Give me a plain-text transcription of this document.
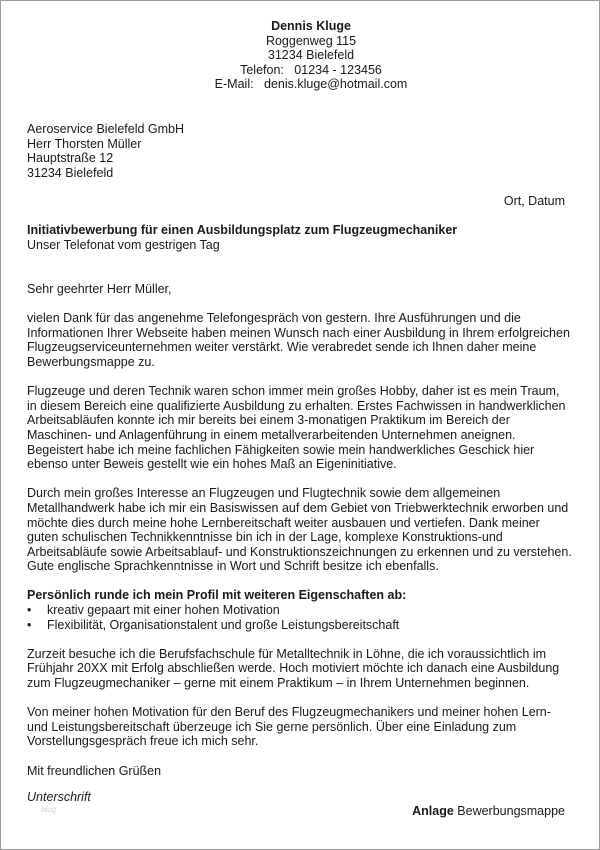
Dennis Kluge
Roggenweg 115
31234 Bielefeld
Telefon: 01234 - 123456
E-Mail: denis.kluge@hotmail.com
Aeroservice Bielefeld GmbH
Herr Thorsten Müller
Hauptstraße 12
31234 Bielefeld
Ort, Datum
Initiativbewerbung für einen Ausbildungsplatz zum Flugzeugmechaniker
Unser Telefonat vom gestrigen Tag

Sehr geehrter Herr Müller,

vielen Dank für das angenehme Telefongespräch von gestern. Ihre Ausführungen und die Informationen Ihrer Webseite haben meinen Wunsch nach einer Ausbildung in Ihrem erfolgreichen Flugzeugserviceunternehmen weiter verstärkt. Wie verabredet sende ich Ihnen daher meine Bewerbungsmappe zu.

Flugzeuge und deren Technik waren schon immer mein großes Hobby, daher ist es mein Traum, in diesem Bereich eine qualifizierte Ausbildung zu erhalten. Erstes Fachwissen in handwerklichen Arbeitsabläufen konnte ich mir bereits bei einem 3-monatigen Praktikum im Bereich der Maschinen- und Anlagenführung in einem metallverarbeitenden Unternehmen aneignen. Begeistert habe ich meine fachlichen Fähigkeiten sowie mein handwerkliches Geschick hier ebenso unter Beweis gestellt wie ein hohes Maß an Eigeninitiative.

Durch mein großes Interesse an Flugzeugen und Flugtechnik sowie dem allgemeinen Metallhandwerk habe ich mir ein Basiswissen auf dem Gebiet von Triebwerktechnik erworben und möchte dies durch meine hohe Lernbereitschaft weiter ausbauen und vertiefen. Dank meiner guten schulischen Technikkenntnisse bin ich in der Lage, komplexe Konstruktions-und Arbeitsabläufe sowie Arbeitsablauf- und Konstruktionszeichnungen zu erkennen und zu verstehen. Gute englische Sprachkenntnisse in Wort und Schrift besitze ich ebenfalls.

Persönlich runde ich mein Profil mit weiteren Eigenschaften ab:

• kreativ gepaart mit einer hohen Motivation
• Flexibilität, Organisationstalent und große Leistungsbereitschaft

Zurzeit besuche ich die Berufsfachschule für Metalltechnik in Löhne, die ich voraussichtlich im Frühjahr 20XX mit Erfolg abschließen werde. Hoch motiviert möchte ich danach eine Ausbildung zum Flugzeugmechaniker – gerne mit einem Praktikum – in Ihrem Unternehmen beginnen.

Von meiner hohen Motivation für den Beruf des Flugzeugmechanikers und meiner hohen Lern- und Leistungsbereitschaft überzeuge ich Sie gerne persönlich. Über eine Einladung zum Vorstellungsgespräch freue ich mich sehr.

Mit freundlichen Grüßen

Unterschrift
blog	Anlage Bewerbungsmappe
